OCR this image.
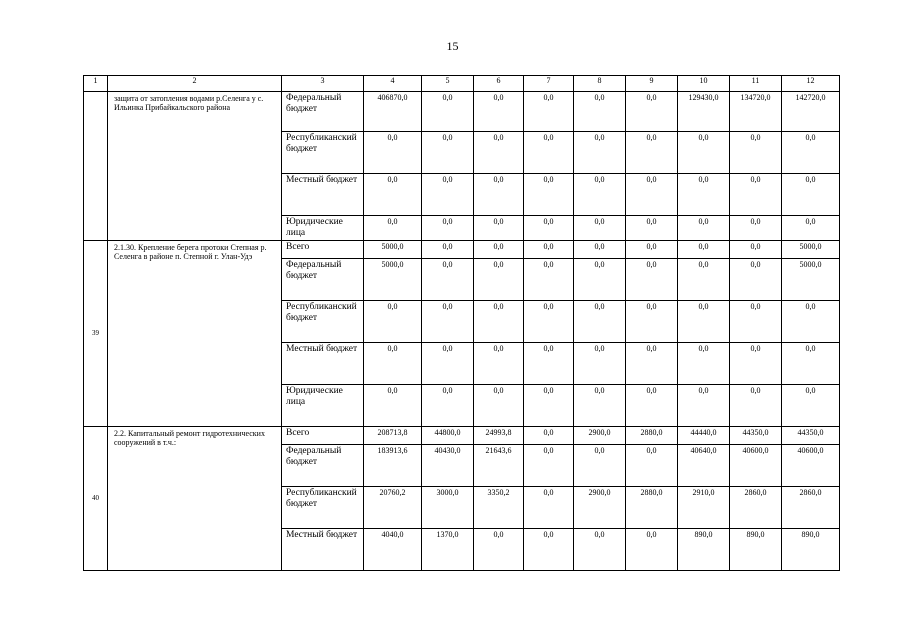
15
1	2	3	4	5	6	7	8	9	10	11	12
	защита от затопления водами р.Селенга у с. Ильинка Прибайкальского района	Федеральный бюджет	406870,0	0,0	0,0	0,0	0,0	0,0	129430,0	134720,0	142720,0
		Республиканский бюджет	0,0	0,0	0,0	0,0	0,0	0,0	0,0	0,0	0,0
		Местный бюджет	0,0	0,0	0,0	0,0	0,0	0,0	0,0	0,0	0,0
		Юридические лица	0,0	0,0	0,0	0,0	0,0	0,0	0,0	0,0	0,0
39	2.1.30. Крепление берега протоки Степная р. Селенга в районе п. Степной г. Улан-Удэ	Всего	5000,0	0,0	0,0	0,0	0,0	0,0	0,0	0,0	5000,0
		Федеральный бюджет	5000,0	0,0	0,0	0,0	0,0	0,0	0,0	0,0	5000,0
		Республиканский бюджет	0,0	0,0	0,0	0,0	0,0	0,0	0,0	0,0	0,0
		Местный бюджет	0,0	0,0	0,0	0,0	0,0	0,0	0,0	0,0	0,0
		Юридические лица	0,0	0,0	0,0	0,0	0,0	0,0	0,0	0,0	0,0
40	2.2. Капитальный ремонт гидротехнических сооружений в т.ч.:	Всего	208713,8	44800,0	24993,8	0,0	2900,0	2880,0	44440,0	44350,0	44350,0
		Федеральный бюджет	183913,6	40430,0	21643,6	0,0	0,0	0,0	40640,0	40600,0	40600,0
		Республиканский бюджет	20760,2	3000,0	3350,2	0,0	2900,0	2880,0	2910,0	2860,0	2860,0
		Местный бюджет	4040,0	1370,0	0,0	0,0	0,0	0,0	890,0	890,0	890,0
